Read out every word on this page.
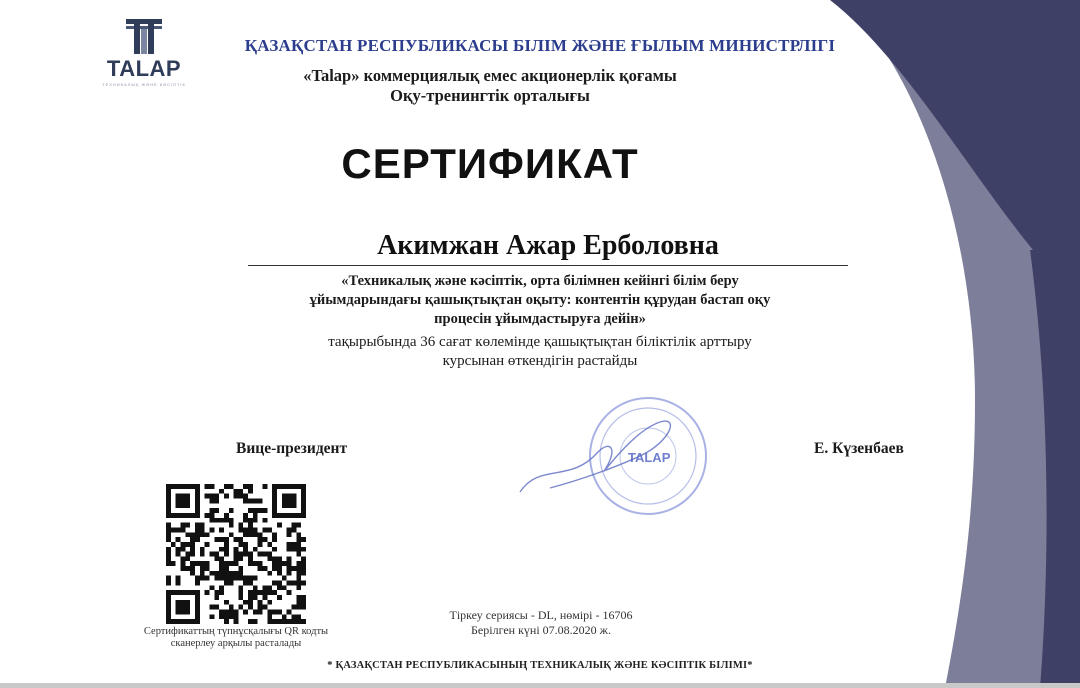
TALAP
ТЕХНИКАЛЫҚ ЖӘНЕ КӘСІПТІК
ҚАЗАҚСТАН РЕСПУБЛИКАСЫ БІЛІМ ЖӘНЕ ҒЫЛЫМ МИНИСТРЛІГІ
«Talap» коммерциялық емес акционерлік қоғамы
Оқу-тренингтік орталығы
СЕРТИФИКАТ
Акимжан Ажар Ерболовна
«Техникалық және кәсіптік, орта білімнен кейінгі білім беру
ұйымдарындағы қашықтықтан оқыту: контентін құрудан бастап оқу
процесін ұйымдастыруға дейін»
тақырыбында 36 сағат көлемінде қашықтықтан біліктілік арттыру
курсынан өткендігін растайды
Вице-президент	Е. Күзенбаев
TALAP
Сертификаттың түпнұсқалығы QR кодты
сканерлеу арқылы расталады
Тіркеу сериясы - DL, нөмірі - 16706
Берілген күні 07.08.2020 ж.
* ҚАЗАҚСТАН РЕСПУБЛИКАСЫНЫҢ ТЕХНИКАЛЫҚ ЖӘНЕ КӘСІПТІК БІЛІМІ*
